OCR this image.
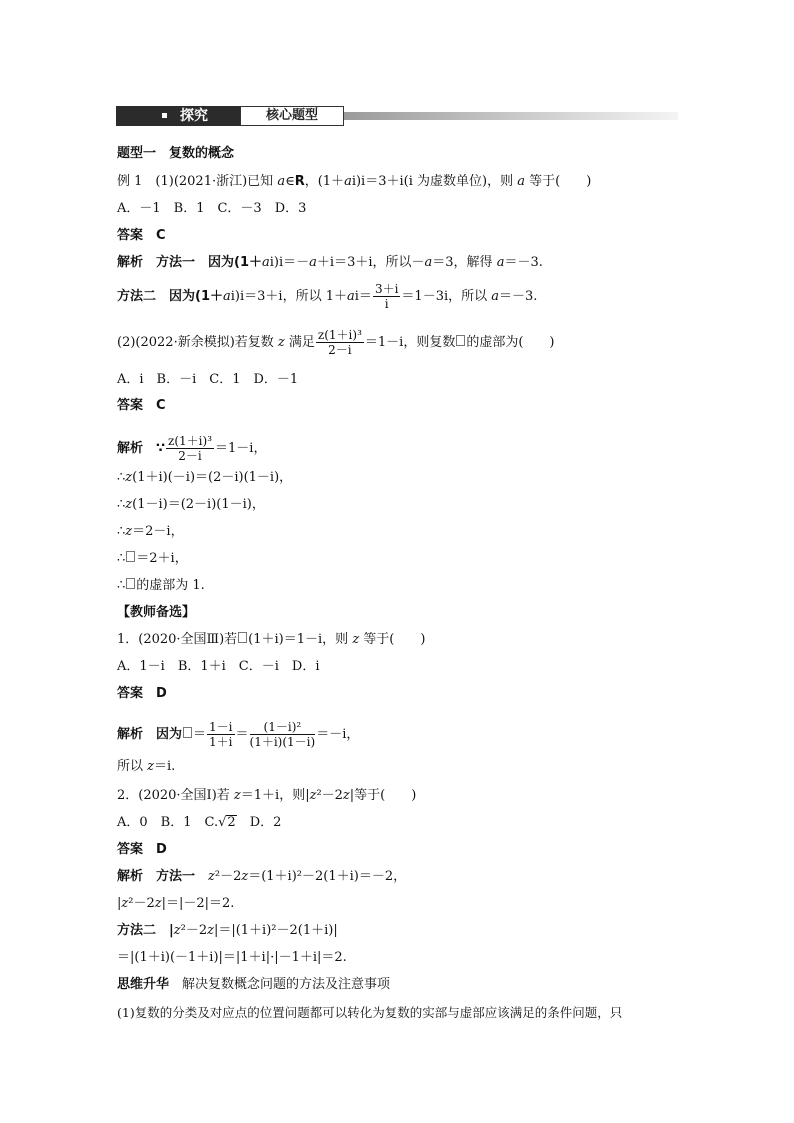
探究	核心题型
题型一　复数的概念
例 1　(1)(2021·浙江)已知 a∈R，(1＋ai)i＝3＋i(i 为虚数单位)，则 a 等于(　　)
A．－1　B．1　C．－3　D．3
答案　C
解析　方法一　因为(1＋ai)i＝－a＋i＝3＋i，所以－a＝3，解得 a＝－3.
方法二　因为(1＋ai)i＝3＋i，所以 $1+ai= \frac{3+i}{i} =1-3i$，所以 a＝－3.
(2)(2022·新余模拟)若复数 z 满足 $\frac{\text{z(1＋i)³}}{2-i} =1-i$，则复数 的虚部为(　　)
A．i　B．－i　C．1　D．－1
答案　C
解析　∵ $\frac{\text{z(1＋i)³}}{2-i} =1-i$，
∴z(1＋i)(－i)＝(2－i)(1－i)，
∴z(1－i)＝(2－i)(1－i)，
∴z＝2－i，
∴ ＝2＋i，
∴ 的虚部为 1.
【教师备选】
1．(2020·全国Ⅲ)若 (1＋i)＝1－i，则 z 等于(　　)
A．1－i　B．1＋i　C．－i　D．i
答案　D
解析　因为 ＝ $\frac{1-i}{1+i} = \frac{\text{(1－i)²}}{(1+i)(1-i)} =-i$，
所以 z＝i.
2．(2020·全国Ⅰ)若 z＝1＋i，则|z²－2z|等于(　　)
A．0　B．1　C.√2　D．2
答案　D
解析　方法一　z²－2z＝(1＋i)²－2(1＋i)＝－2，
|z²－2z|＝|－2|＝2.
方法二　|z²－2z|＝|(1＋i)²－2(1＋i)|
＝|(1＋i)(－1＋i)|＝|1＋i|·|－1＋i|＝2.
思维升华　解决复数概念问题的方法及注意事项
(1)复数的分类及对应点的位置问题都可以转化为复数的实部与虚部应该满足的条件问题，只
